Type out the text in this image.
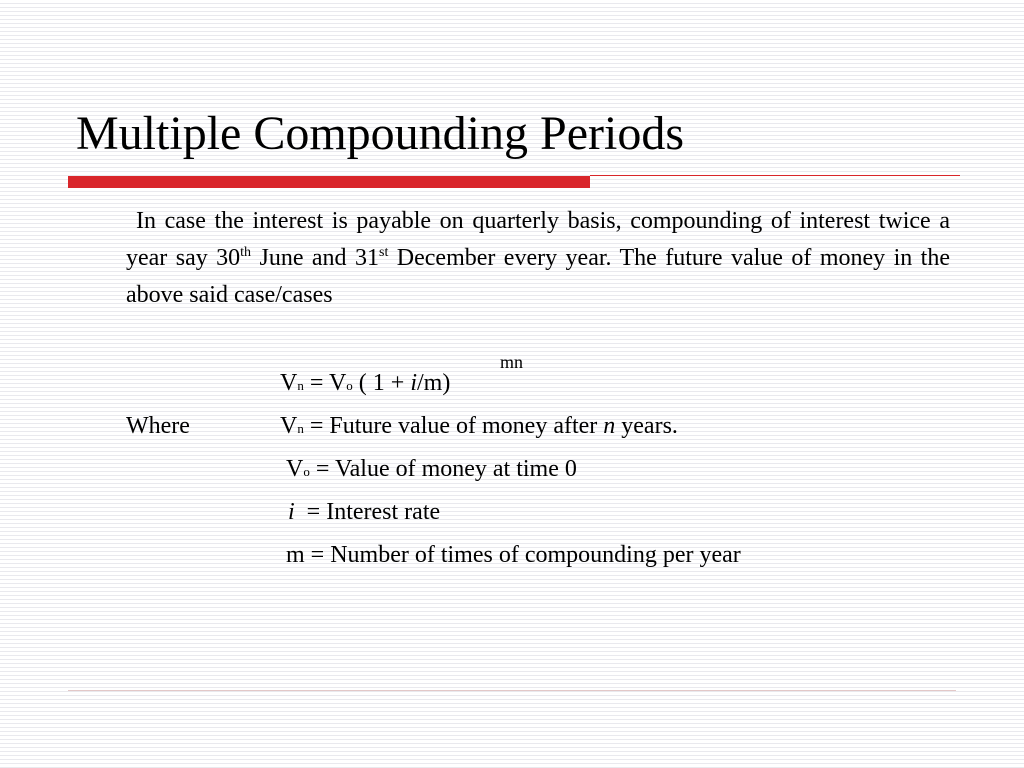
Multiple Compounding Periods
In case the interest is payable on quarterly basis, compounding of interest twice a year say 30th June and 31st December every year. The future value of money in the above said case/cases
mn
Vn = Vo ( 1 + i/m)
Where	Vn = Future value of money after n years.
Vo = Value of money at time 0
i = Interest rate
m = Number of times of compounding per year
